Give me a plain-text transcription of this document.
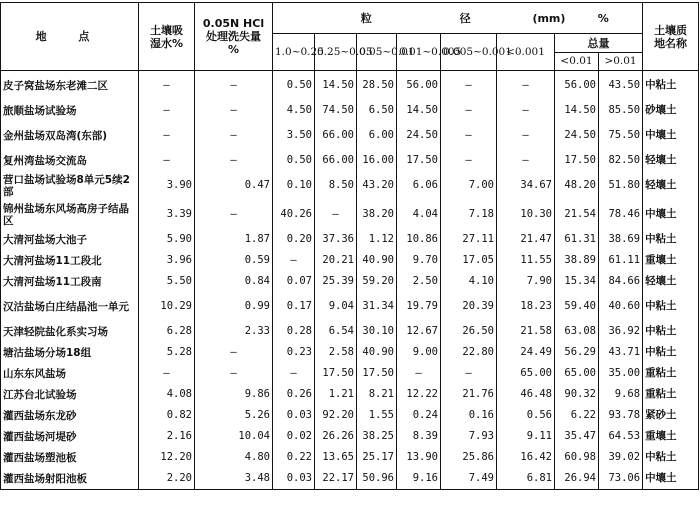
地 点	土壤吸
湿水%	0.05N HCl
处理洗失量
%	粒 径 (mm) %								土壤质
地名称
			1.0~0.25	0.25~0.05	0.05~0.01	0.01~0.005	0.005~0.001	<0.001	总量		
									<0.01	>0.01	
皮子窝盐场东老滩二区	—	—	0.50	14.50	28.50	56.00	—	—	56.00	43.50	中粘土
旅顺盐场试验场	—	—	4.50	74.50	6.50	14.50	—	—	14.50	85.50	砂壤土
金州盐场双岛湾(东部)	—	—	3.50	66.00	6.00	24.50	—	—	24.50	75.50	中壤土
复州湾盐场交流岛	—	—	0.50	66.00	16.00	17.50	—	—	17.50	82.50	轻壤土
营口盐场试验场8单元5续2部	3.90	0.47	0.10	8.50	43.20	6.06	7.00	34.67	48.20	51.80	轻壤土
锦州盐场东风场高房子结晶区	3.39	—	40.26	—	38.20	4.04	7.18	10.30	21.54	78.46	中壤土
大清河盐场大池子	5.90	1.87	0.20	37.36	1.12	10.86	27.11	21.47	61.31	38.69	中粘土
大清河盐场11工段北	3.96	0.59	—	20.21	40.90	9.70	17.05	11.55	38.89	61.11	重壤土
大清河盐场11工段南	5.50	0.84	0.07	25.39	59.20	2.50	4.10	7.90	15.34	84.66	轻壤土
汉沽盐场白庄结晶池一单元	10.29	0.99	0.17	9.04	31.34	19.79	20.39	18.23	59.40	40.60	中粘土
天津轻院盐化系实习场	6.28	2.33	0.28	6.54	30.10	12.67	26.50	21.58	63.08	36.92	中粘土
塘沽盐场分场18组	5.28	—	0.23	2.58	40.90	9.00	22.80	24.49	56.29	43.71	中粘土
山东东风盐场	—	—	—	17.50	17.50	—	—	65.00	65.00	35.00	重粘土
江苏台北试验场	4.08	9.86	0.26	1.21	8.21	12.22	21.76	46.48	90.32	9.68	重粘土
灌西盐场东龙砂	0.82	5.26	0.03	92.20	1.55	0.24	0.16	0.56	6.22	93.78	紧砂土
灌西盐场河堤砂	2.16	10.04	0.02	26.26	38.25	8.39	7.93	9.11	35.47	64.53	重壤土
灌西盐场塑池板	12.20	4.80	0.22	13.65	25.17	13.90	25.86	16.42	60.98	39.02	中粘土
灌西盐场射阳池板	2.20	3.48	0.03	22.17	50.96	9.16	7.49	6.81	26.94	73.06	中壤土
